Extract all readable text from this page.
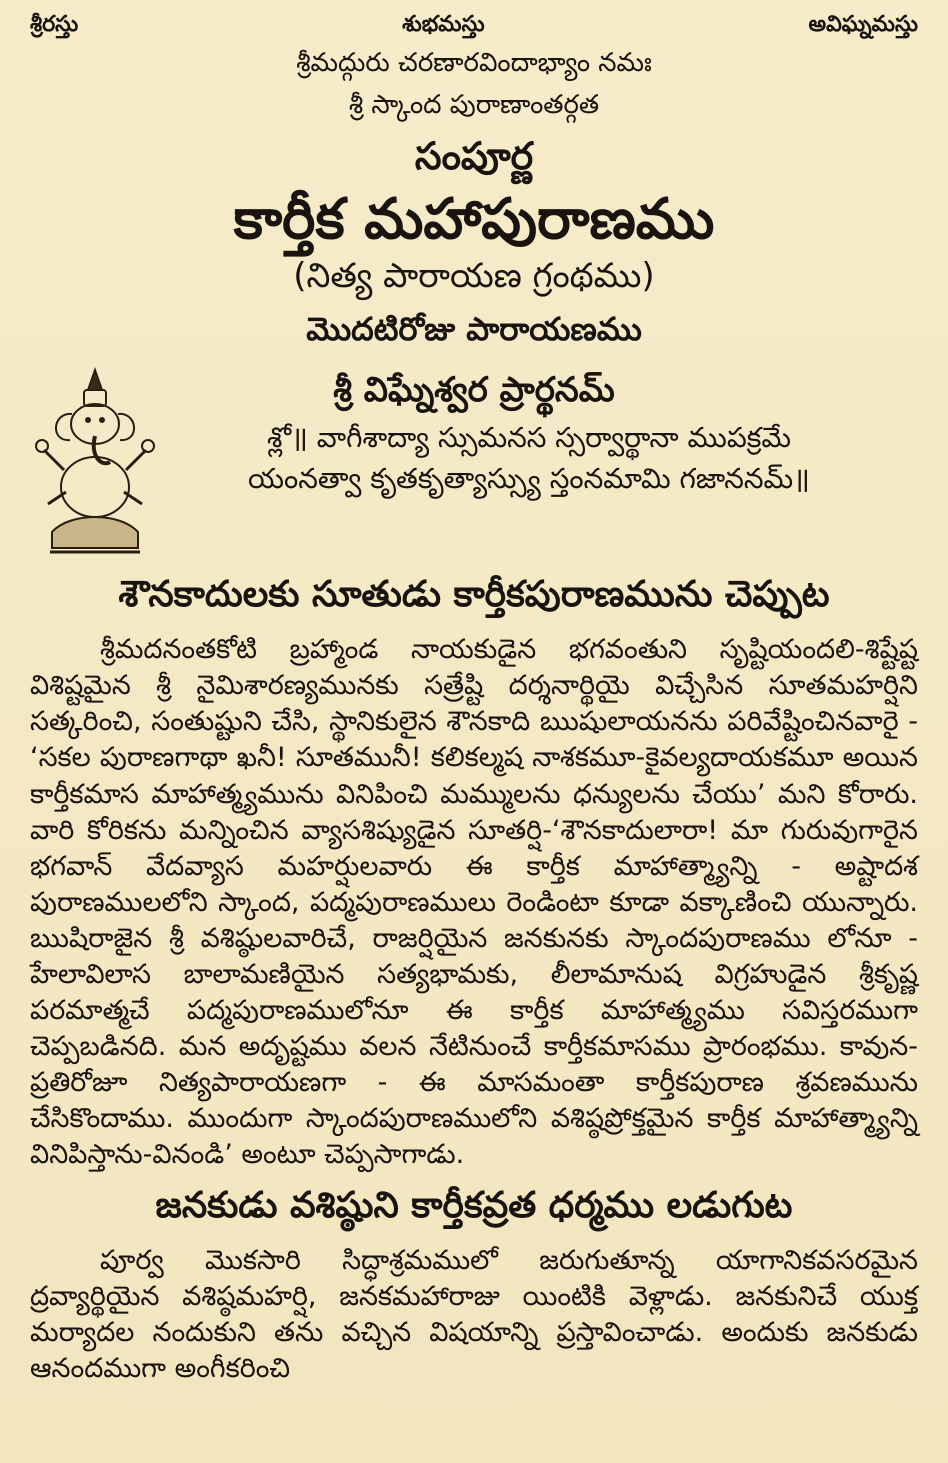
శ్రీరస్తు	శుభమస్తు	అవిఘ్నమస్తు
శ్రీమద్గురు చరణారవిందాభ్యాం నమః
శ్రీ స్కాంద పురాణాంతర్గత
సంపూర్ణ
కార్తీక మహాపురాణము
(నిత్య పారాయణ గ్రంథము)
మొదటిరోజు పారాయణము
శ్రీ విఘ్నేశ్వర ప్రార్థనమ్
శ్లో॥ వాగీశాద్యా స్సుమనస స్సర్వార్థానా ముపక్రమే
యంనత్వా కృతకృత్యాస్స్యు స్తంనమామి గజాననమ్॥
శౌనకాదులకు సూతుడు కార్తీకపురాణమును చెప్పుట

శ్రీమదనంతకోటి బ్రహ్మాండ నాయకుడైన భగవంతుని సృష్టియందలి-శిష్టేష్ట విశిష్టమైన శ్రీ నైమిశారణ్యమునకు సత్రేష్టి దర్శనార్థియై విచ్చేసిన సూతమహర్షిని సత్కరించి, సంతుష్టుని చేసి, స్థానికులైన శౌనకాది ఋషులాయనను పరివేష్టించినవారై - ‘సకల పురాణగాథా ఖనీ! సూతమునీ! కలికల్మష నాశకమూ-కైవల్యదాయకమూ అయిన కార్తీకమాస మాహాత్మ్యమును వినిపించి మమ్ములను ధన్యులను చేయు’ మని కోరారు. వారి కోరికను మన్నించిన వ్యాసశిష్యుడైన సూతర్షి-‘శౌనకాదులారా! మా గురువుగారైన భగవాన్ వేదవ్యాస మహర్షులవారు ఈ కార్తీక మాహాత్మ్యాన్ని - అష్టాదశ పురాణములలోని స్కాంద, పద్మపురాణములు రెండింటా కూడా వక్కాణించి యున్నారు. ఋషిరాజైన శ్రీ వశిష్ఠులవారిచే, రాజర్షియైన జనకునకు స్కాందపురాణము లోనూ - హేలావిలాస బాలామణియైన సత్యభామకు, లీలామానుష విగ్రహుడైన శ్రీకృష్ణ పరమాత్మచే పద్మపురాణములోనూ ఈ కార్తీక మాహాత్మ్యము సవిస్తరముగా చెప్పబడినది. మన అదృష్టము వలన నేటినుంచే కార్తీకమాసము ప్రారంభము. కావున-ప్రతిరోజూ నిత్యపారాయణగా - ఈ మాసమంతా కార్తీకపురాణ శ్రవణమును చేసికొందాము. ముందుగా స్కాందపురాణములోని వశిష్ఠప్రోక్తమైన కార్తీక మాహాత్మ్యాన్ని వినిపిస్తాను-వినండి’ అంటూ చెప్పసాగాడు.

జనకుడు వశిష్ఠుని కార్తీకవ్రత ధర్మము లడుగుట

పూర్వ మొకసారి సిద్ధాశ్రమములో జరుగుతూన్న యాగానికవసరమైన ద్రవ్యార్థియైన వశిష్ఠమహర్షి, జనకమహారాజు యింటికి వెళ్లాడు. జనకునిచే యుక్త మర్యాదల నందుకుని తను వచ్చిన విషయాన్ని ప్రస్తావించాడు. అందుకు జనకుడు ఆనందముగా అంగీకరించి
